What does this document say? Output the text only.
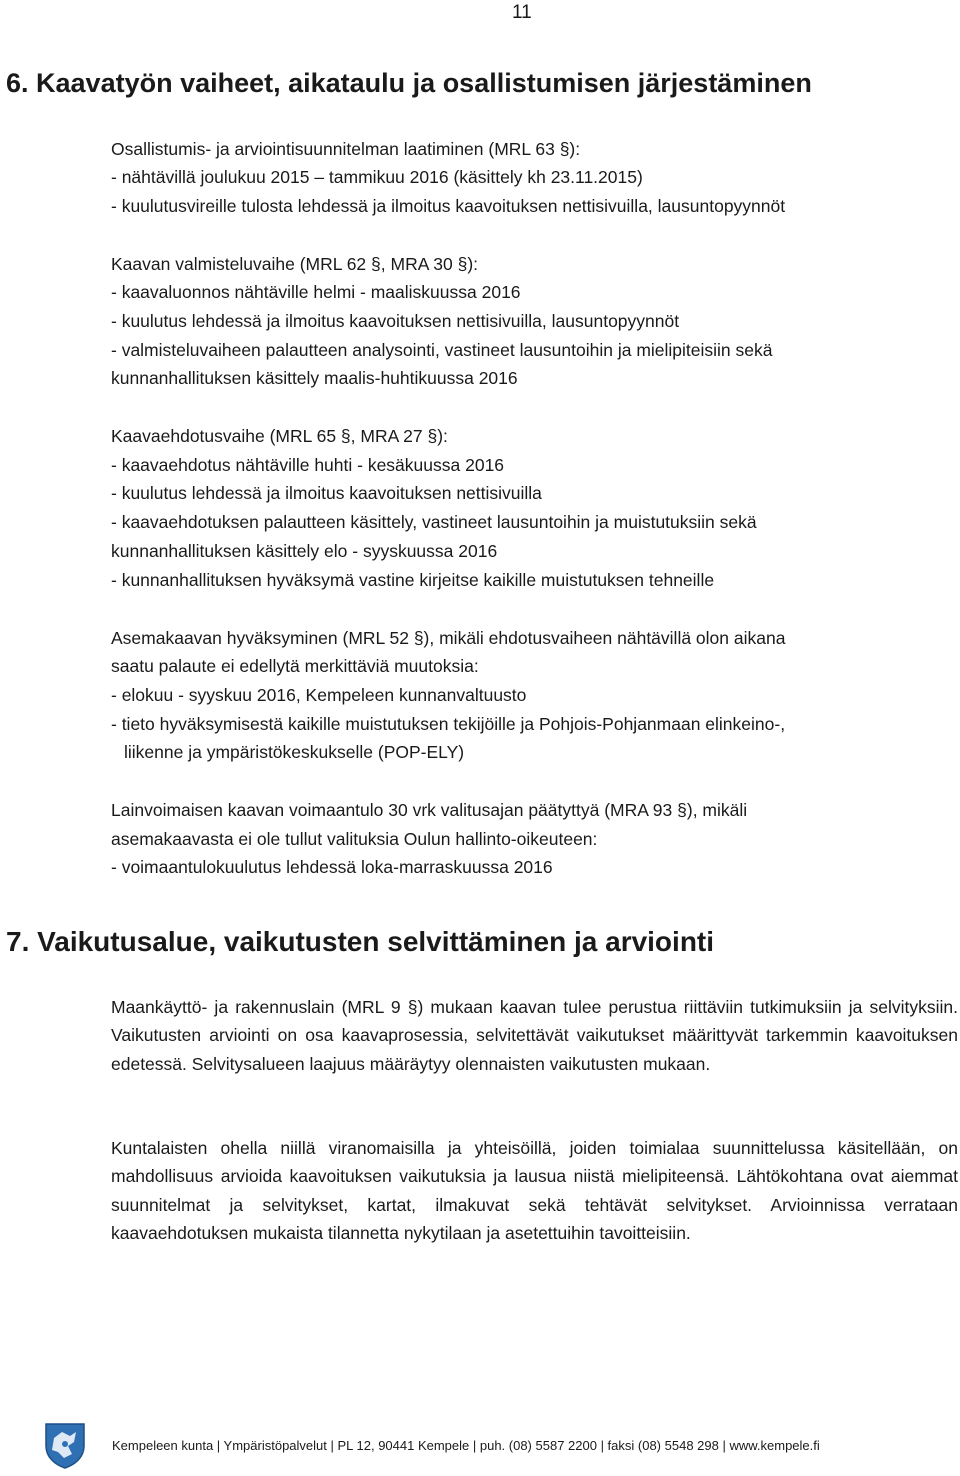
11
6. Kaavatyön vaiheet, aikataulu ja osallistumisen järjestäminen
Osallistumis- ja arviointisuunnitelman laatiminen (MRL 63 §):
- nähtävillä joulukuu 2015 – tammikuu 2016 (käsittely kh 23.11.2015)
- kuulutusvireille tulosta lehdessä ja ilmoitus kaavoituksen nettisivuilla, lausuntopyynnöt
Kaavan valmisteluvaihe (MRL 62 §, MRA 30 §):
- kaavaluonnos nähtäville helmi - maaliskuussa 2016
- kuulutus lehdessä ja ilmoitus kaavoituksen nettisivuilla, lausuntopyynnöt
- valmisteluvaiheen palautteen analysointi, vastineet lausuntoihin ja mielipiteisiin sekä
kunnanhallituksen käsittely maalis-huhtikuussa 2016
Kaavaehdotusvaihe (MRL 65 §, MRA 27 §):
- kaavaehdotus nähtäville huhti - kesäkuussa 2016
- kuulutus lehdessä ja ilmoitus kaavoituksen nettisivuilla
- kaavaehdotuksen palautteen käsittely, vastineet lausuntoihin ja muistutuksiin sekä
kunnanhallituksen käsittely elo - syyskuussa 2016
- kunnanhallituksen hyväksymä vastine kirjeitse kaikille muistutuksen tehneille
Asemakaavan hyväksyminen (MRL 52 §), mikäli ehdotusvaiheen nähtävillä olon aikana
saatu palaute ei edellytä merkittäviä muutoksia:
- elokuu - syyskuu 2016, Kempeleen kunnanvaltuusto
- tieto hyväksymisestä kaikille muistutuksen tekijöille ja Pohjois-Pohjanmaan elinkeino-,
liikenne ja ympäristökeskukselle (POP-ELY)
Lainvoimaisen kaavan voimaantulo 30 vrk valitusajan päätyttyä (MRA 93 §), mikäli
asemakaavasta ei ole tullut valituksia Oulun hallinto-oikeuteen:
- voimaantulokuulutus lehdessä loka-marraskuussa 2016
7. Vaikutusalue, vaikutusten selvittäminen ja arviointi
Maankäyttö- ja rakennuslain (MRL 9 §) mukaan kaavan tulee perustua riittäviin tutkimuksiin ja selvityksiin. Vaikutusten arviointi on osa kaavaprosessia, selvitettävät vaikutukset määrittyvät tarkemmin kaavoituksen edetessä. Selvitysalueen laajuus määräytyy olennaisten vaikutusten mukaan.
Kuntalaisten ohella niillä viranomaisilla ja yhteisöillä, joiden toimialaa suunnittelussa käsitellään, on mahdollisuus arvioida kaavoituksen vaikutuksia ja lausua niistä mielipiteensä. Lähtökohtana ovat aiemmat suunnitelmat ja selvitykset, kartat, ilmakuvat sekä tehtävät selvitykset. Arvioinnissa verrataan kaavaehdotuksen mukaista tilannetta nykytilaan ja asetettuihin tavoitteisiin.
Kempeleen kunta | Ympäristöpalvelut | PL 12, 90441 Kempele | puh. (08) 5587 2200 | faksi (08) 5548 298 | www.kempele.fi
